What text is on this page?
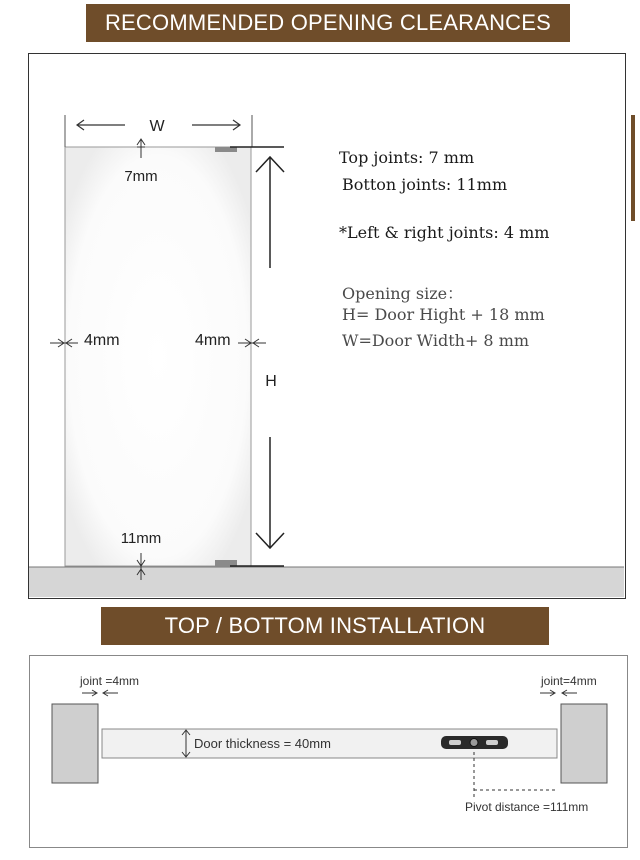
RECOMMENDED OPENING CLEARANCES
W
7mm
11mm
4mm	4mm
H
Top joints: 7 mm
Botton joints: 11mm
*Left & right joints: 4 mm
Opening size：
H= Door Hight + 18 mm
W=Door Width+ 8 mm
TOP / BOTTOM INSTALLATION
Door thickness = 40mm
Pivot distance =111mm
joint =4mm	joint=4mm
